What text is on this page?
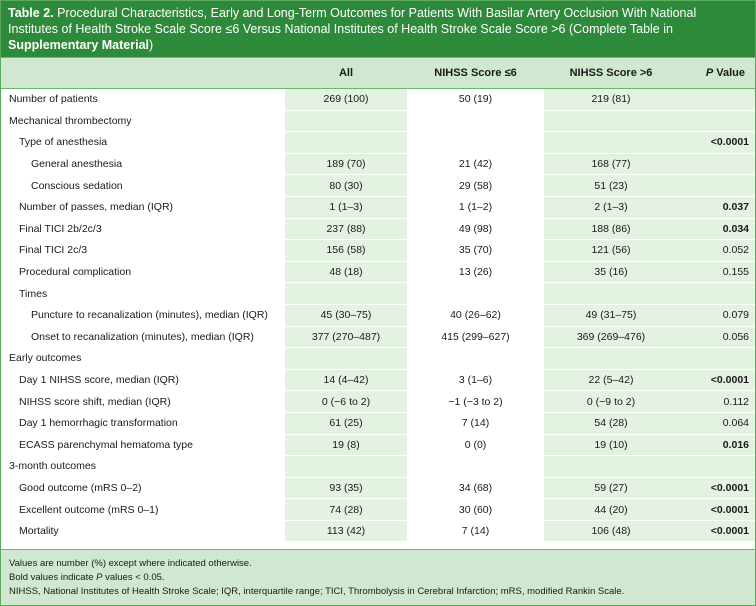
Table 2. Procedural Characteristics, Early and Long-Term Outcomes for Patients With Basilar Artery Occlusion With National Institutes of Health Stroke Scale Score ≤6 Versus National Institutes of Health Stroke Scale Score >6 (Complete Table in Supplementary Material)
	All	NIHSS Score ≤6	NIHSS Score >6	P Value
Number of patients	269 (100)	50 (19)	219 (81)	
Mechanical thrombectomy				
Type of anesthesia				<0.0001
General anesthesia	189 (70)	21 (42)	168 (77)	
Conscious sedation	80 (30)	29 (58)	51 (23)	
Number of passes, median (IQR)	1 (1–3)	1 (1–2)	2 (1–3)	0.037
Final TICI 2b/2c/3	237 (88)	49 (98)	188 (86)	0.034
Final TICI 2c/3	156 (58)	35 (70)	121 (56)	0.052
Procedural complication	48 (18)	13 (26)	35 (16)	0.155
Times				
Puncture to recanalization (minutes), median (IQR)	45 (30–75)	40 (26–62)	49 (31–75)	0.079
Onset to recanalization (minutes), median (IQR)	377 (270–487)	415 (299–627)	369 (269–476)	0.056
Early outcomes				
Day 1 NIHSS score, median (IQR)	14 (4–42)	3 (1–6)	22 (5–42)	<0.0001
NIHSS score shift, median (IQR)	0 (−6 to 2)	−1 (−3 to 2)	0 (−9 to 2)	0.112
Day 1 hemorrhagic transformation	61 (25)	7 (14)	54 (28)	0.064
ECASS parenchymal hematoma type	19 (8)	0 (0)	19 (10)	0.016
3-month outcomes				
Good outcome (mRS 0–2)	93 (35)	34 (68)	59 (27)	<0.0001
Excellent outcome (mRS 0–1)	74 (28)	30 (60)	44 (20)	<0.0001
Mortality	113 (42)	7 (14)	106 (48)	<0.0001
Values are number (%) except where indicated otherwise.
Bold values indicate P values < 0.05.
NIHSS, National Institutes of Health Stroke Scale; IQR, interquartile range; TICI, Thrombolysis in Cerebral Infarction; mRS, modified Rankin Scale.
